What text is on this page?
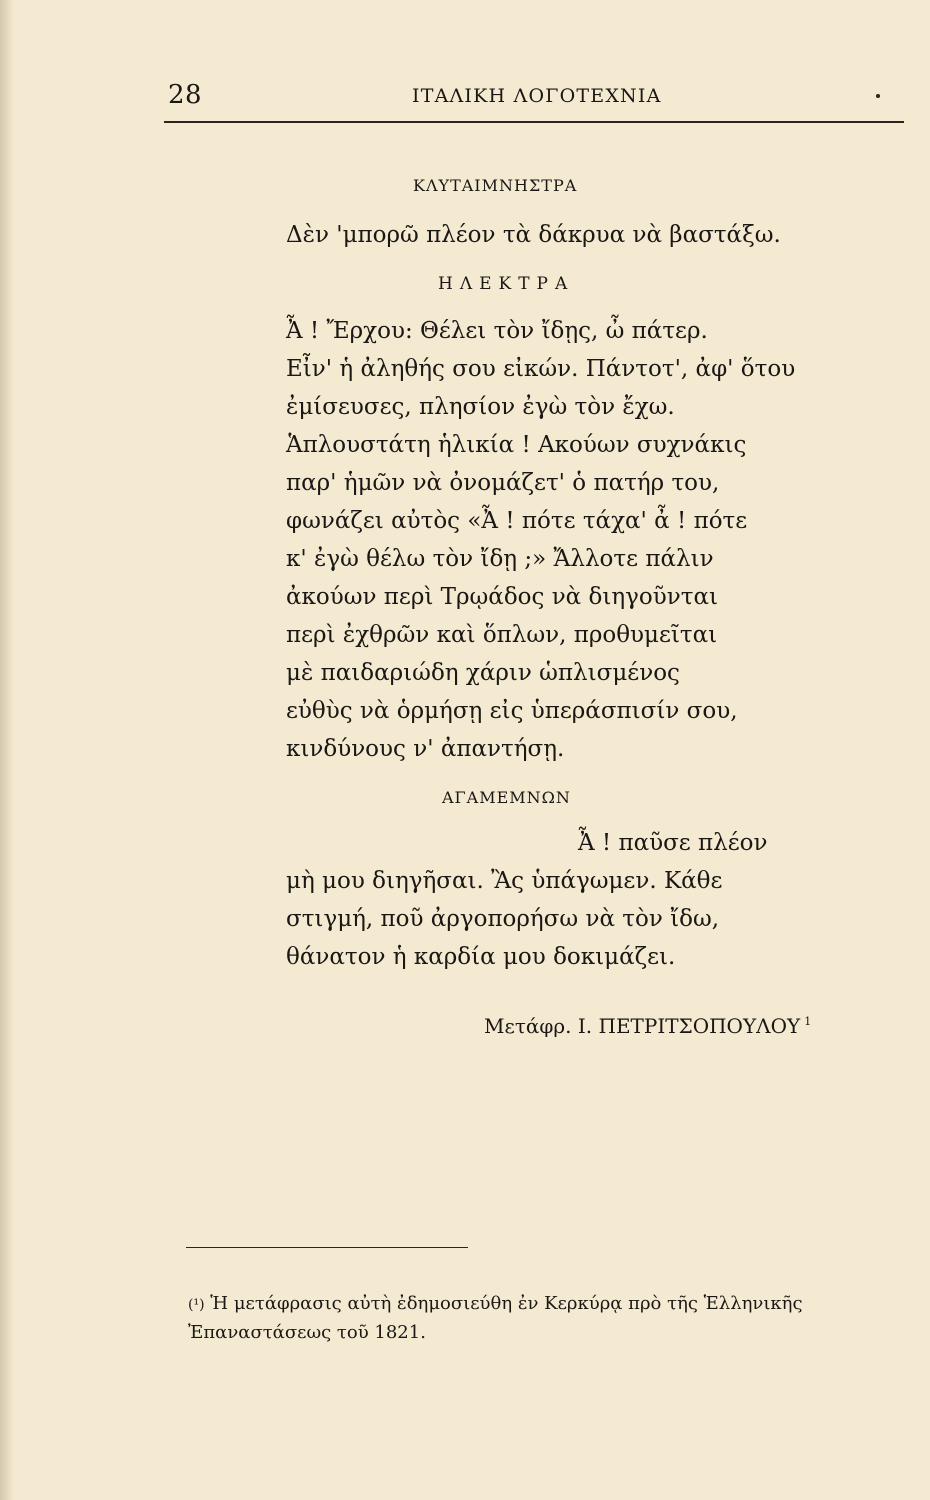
28	ΙΤΑΛΙΚΗ ΛΟΓΟΤΕΧΝΙΑ
ΚΛΥΤΑΙΜΝΗΣΤΡΑ
Δὲν 'μπορῶ πλέον τὰ δάκρυα νὰ βαστάξω.
ΗΛΕΚΤΡΑ
Ἆ ! Ἔρχου: Θέλει τὸν ἴδῃς, ὦ πάτερ.
Εἶν' ἡ ἀληθής σου εἰκών. Πάντοτ', ἀφ' ὅτου
ἐμίσευσες, πλησίον ἐγὼ τὸν ἔχω.
Ἁπλουστάτη ἡλικία ! Ακούων συχνάκις
παρ' ἡμῶν νὰ ὀνομάζετ' ὁ πατήρ του,
φωνάζει αὐτὸς «Ἆ ! πότε τάχα' ἆ ! πότε
κ' ἐγὼ θέλω τὸν ἴδῃ ;» Ἄλλοτε πάλιν
ἀκούων περὶ Τρῳάδος νὰ διηγοῦνται
περὶ ἐχθρῶν καὶ ὅπλων, προθυμεῖται
μὲ παιδαριώδη χάριν ὡπλισμένος
εὐθὺς νὰ ὁρμήσῃ εἰς ὑπεράσπισίν σου,
κινδύνους ν' ἀπαντήσῃ.
ΑΓΑΜΕΜΝΩΝ
Ἆ ! παῦσε πλέον
μὴ μου διηγῆσαι. Ἂς ὑπάγωμεν. Κάθε
στιγμή, ποῦ ἀργοπορήσω νὰ τὸν ἴδω,
θάνατον ἡ καρδία μου δοκιμάζει.
Μετάφρ. Ι. ΠΕΤΡΙΤΣΟΠΟΥΛΟΥ $^1$
(¹) Ἡ μετάφρασις αὐτὴ ἐδημοσιεύθη ἐν Κερκύρᾳ πρὸ τῆς Ἑλληνικῆς Ἐπαναστάσεως τοῦ 1821.
